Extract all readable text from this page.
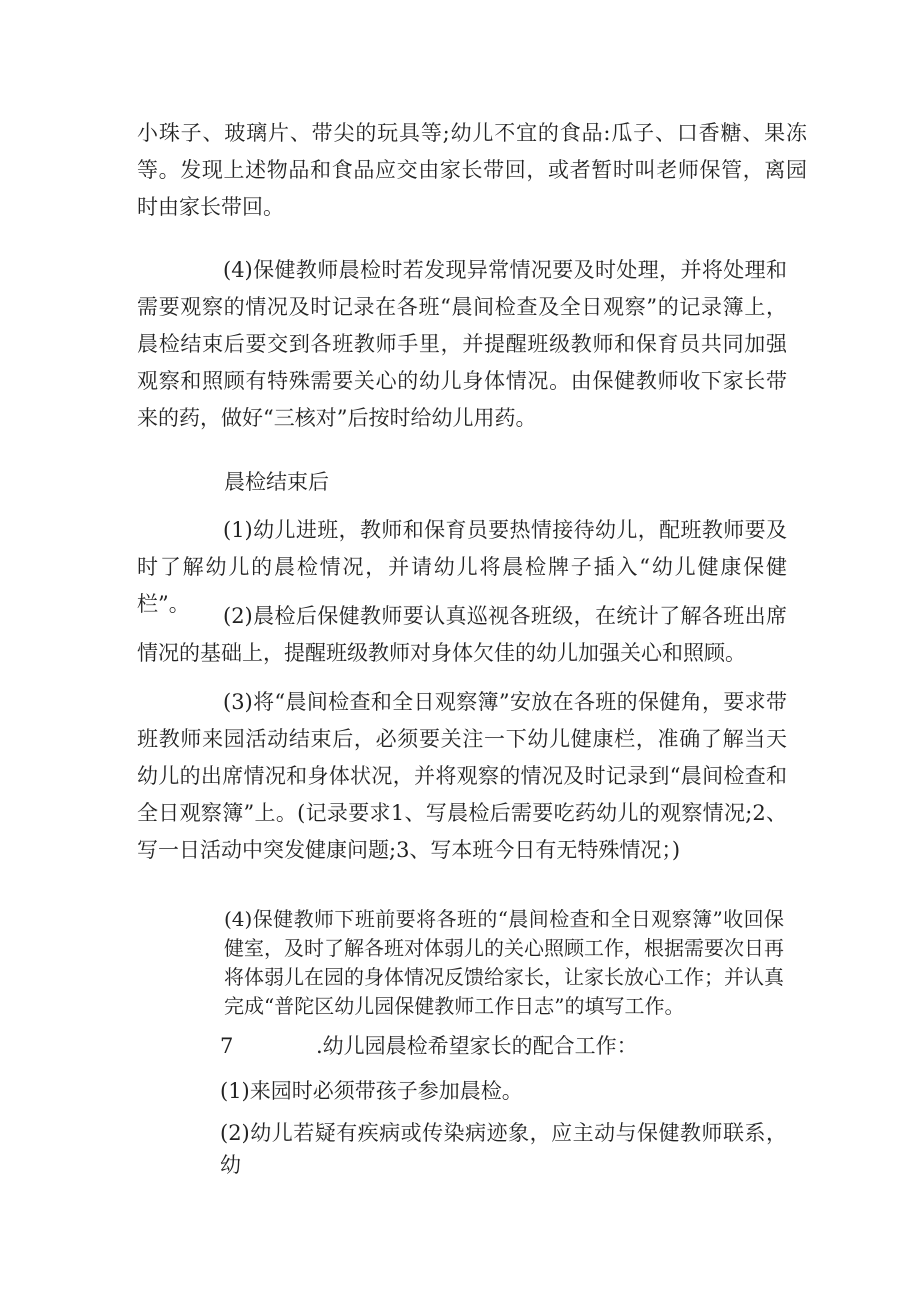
小珠子、玻璃片、带尖的玩具等;幼儿不宜的食品:瓜子、口香糖、果冻等。发现上述物品和食品应交由家长带回，或者暂时叫老师保管，离园时由家长带回。

(4)保健教师晨检时若发现异常情况要及时处理，并将处理和需要观察的情况及时记录在各班“晨间检查及全日观察”的记录簿上，晨检结束后要交到各班教师手里，并提醒班级教师和保育员共同加强观察和照顾有特殊需要关心的幼儿身体情况。由保健教师收下家长带来的药，做好“三核对”后按时给幼儿用药。

晨检结束后

(1)幼儿进班，教师和保育员要热情接待幼儿，配班教师要及时了解幼儿的晨检情况，并请幼儿将晨检牌子插入“幼儿健康保健栏”。	(2)晨检后保健教师要认真巡视各班级，在统计了解各班出席情况的基础上，提醒班级教师对身体欠佳的幼儿加强关心和照顾。

(3)将“晨间检查和全日观察簿”安放在各班的保健角，要求带班教师来园活动结束后，必须要关注一下幼儿健康栏，准确了解当天幼儿的出席情况和身体状况，并将观察的情况及时记录到“晨间检查和全日观察簿”上。(记录要求1、写晨检后需要吃药幼儿的观察情况;2、写一日活动中突发健康问题;3、写本班今日有无特殊情况；)

(4)保健教师下班前要将各班的“晨间检查和全日观察簿”收回保健室，及时了解各班对体弱儿的关心照顾工作，根据需要次日再将体弱儿在园的身体情况反馈给家长，让家长放心工作；并认真完成“普陀区幼儿园保健教师工作日志”的填写工作。

7	.幼儿园晨检希望家长的配合工作：

(1)来园时必须带孩子参加晨检。

(2)幼儿若疑有疾病或传染病迹象，应主动与保健教师联系，幼
